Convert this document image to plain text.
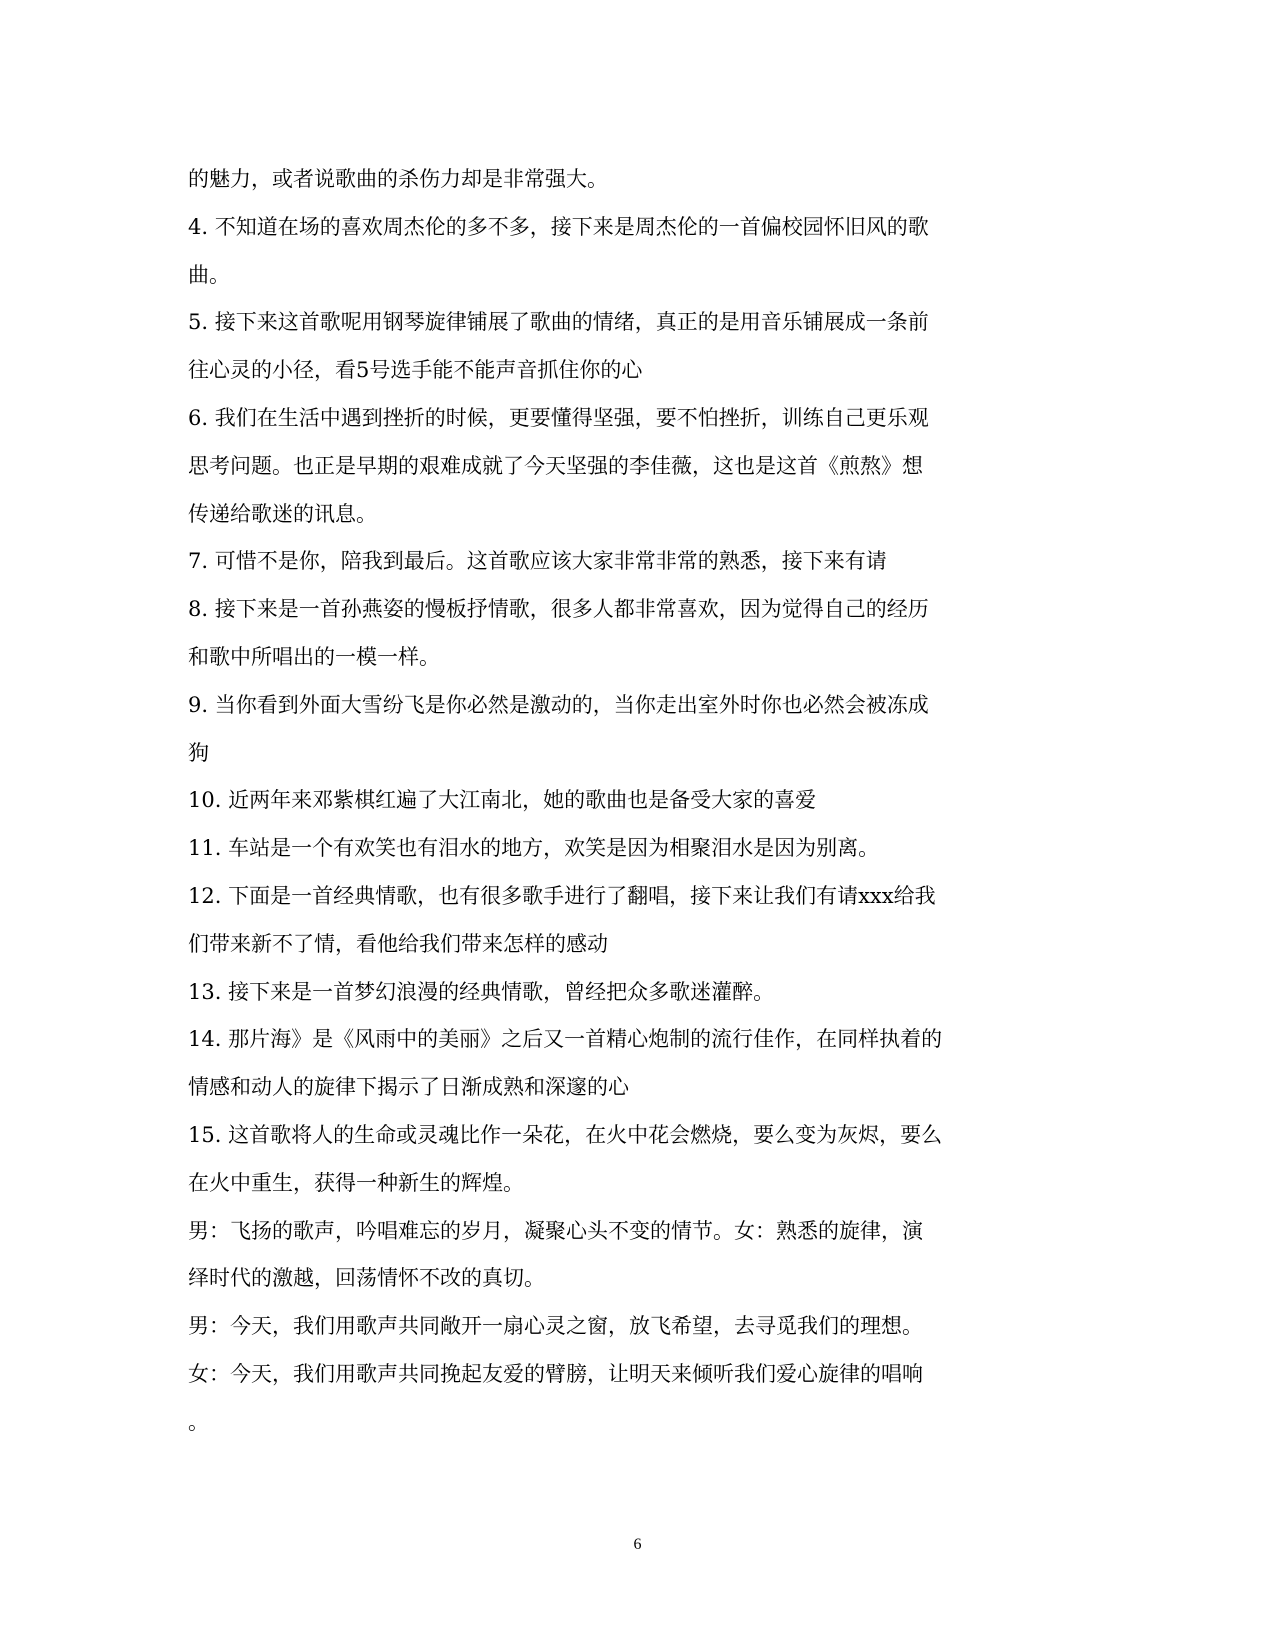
的魅力，或者说歌曲的杀伤力却是非常强大。
4. 不知道在场的喜欢周杰伦的多不多，接下来是周杰伦的一首偏校园怀旧风的歌
曲。
5. 接下来这首歌呢用钢琴旋律铺展了歌曲的情绪，真正的是用音乐铺展成一条前
往心灵的小径，看5号选手能不能声音抓住你的心
6. 我们在生活中遇到挫折的时候，更要懂得坚强，要不怕挫折，训练自己更乐观
思考问题。也正是早期的艰难成就了今天坚强的李佳薇，这也是这首《煎熬》想
传递给歌迷的讯息。
7. 可惜不是你，陪我到最后。这首歌应该大家非常非常的熟悉，接下来有请
8. 接下来是一首孙燕姿的慢板抒情歌，很多人都非常喜欢，因为觉得自己的经历
和歌中所唱出的一模一样。
9. 当你看到外面大雪纷飞是你必然是激动的，当你走出室外时你也必然会被冻成
狗
10. 近两年来邓紫棋红遍了大江南北，她的歌曲也是备受大家的喜爱
11. 车站是一个有欢笑也有泪水的地方，欢笑是因为相聚泪水是因为别离。
12. 下面是一首经典情歌，也有很多歌手进行了翻唱，接下来让我们有请xxx给我
们带来新不了情，看他给我们带来怎样的感动
13. 接下来是一首梦幻浪漫的经典情歌，曾经把众多歌迷灌醉。
14. 那片海》是《风雨中的美丽》之后又一首精心炮制的流行佳作，在同样执着的
情感和动人的旋律下揭示了日渐成熟和深邃的心
15. 这首歌将人的生命或灵魂比作一朵花，在火中花会燃烧，要么变为灰烬，要么
在火中重生，获得一种新生的辉煌。
男：飞扬的歌声，吟唱难忘的岁月，凝聚心头不变的情节。女：熟悉的旋律，演
绎时代的激越，回荡情怀不改的真切。
男：今天，我们用歌声共同敞开一扇心灵之窗，放飞希望，去寻觅我们的理想。
女：今天，我们用歌声共同挽起友爱的臂膀，让明天来倾听我们爱心旋律的唱响
。
6
